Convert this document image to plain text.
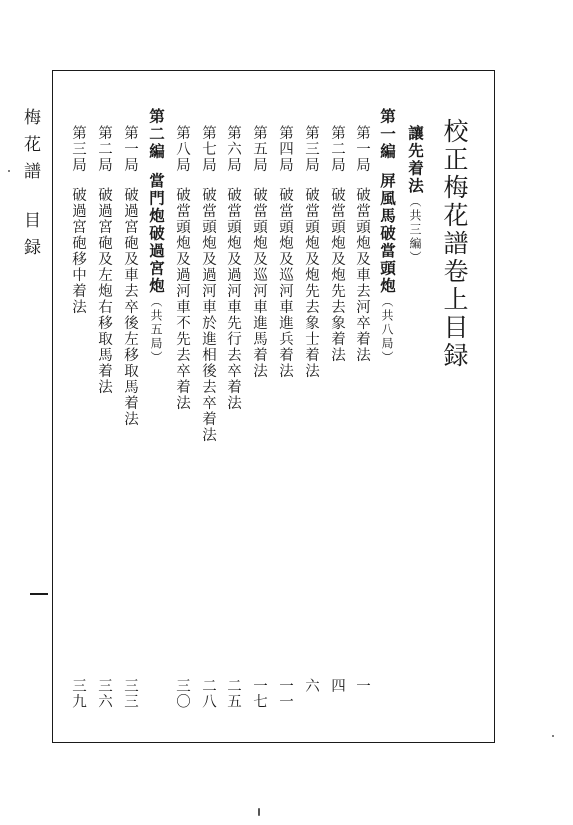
梅花譜目録	校正梅花譜卷上目録
讓先着法（共三編）
第一編屏風馬破當頭炮（共八局）
第一局破當頭炮及車去河卒着法
一
第二局破當頭炮及炮先去象着法
四
第三局破當頭炮及炮先去象士着法
六
第四局破當頭炮及巡河車進兵着法
一一
第五局破當頭炮及巡河車進馬着法
一七
第六局破當頭炮及過河車先行去卒着法
二五
第七局破當頭炮及過河車於進相後去卒着法
二八
第八局破當頭炮及過河車不先去卒着法
三〇
第二編當門炮破過宮炮（共五局）
第一局破過宮砲及車去卒後左移取馬着法
三三
第二局破過宮砲及左炮右移取馬着法
三六
第三局破過宮砲移中着法
三九
